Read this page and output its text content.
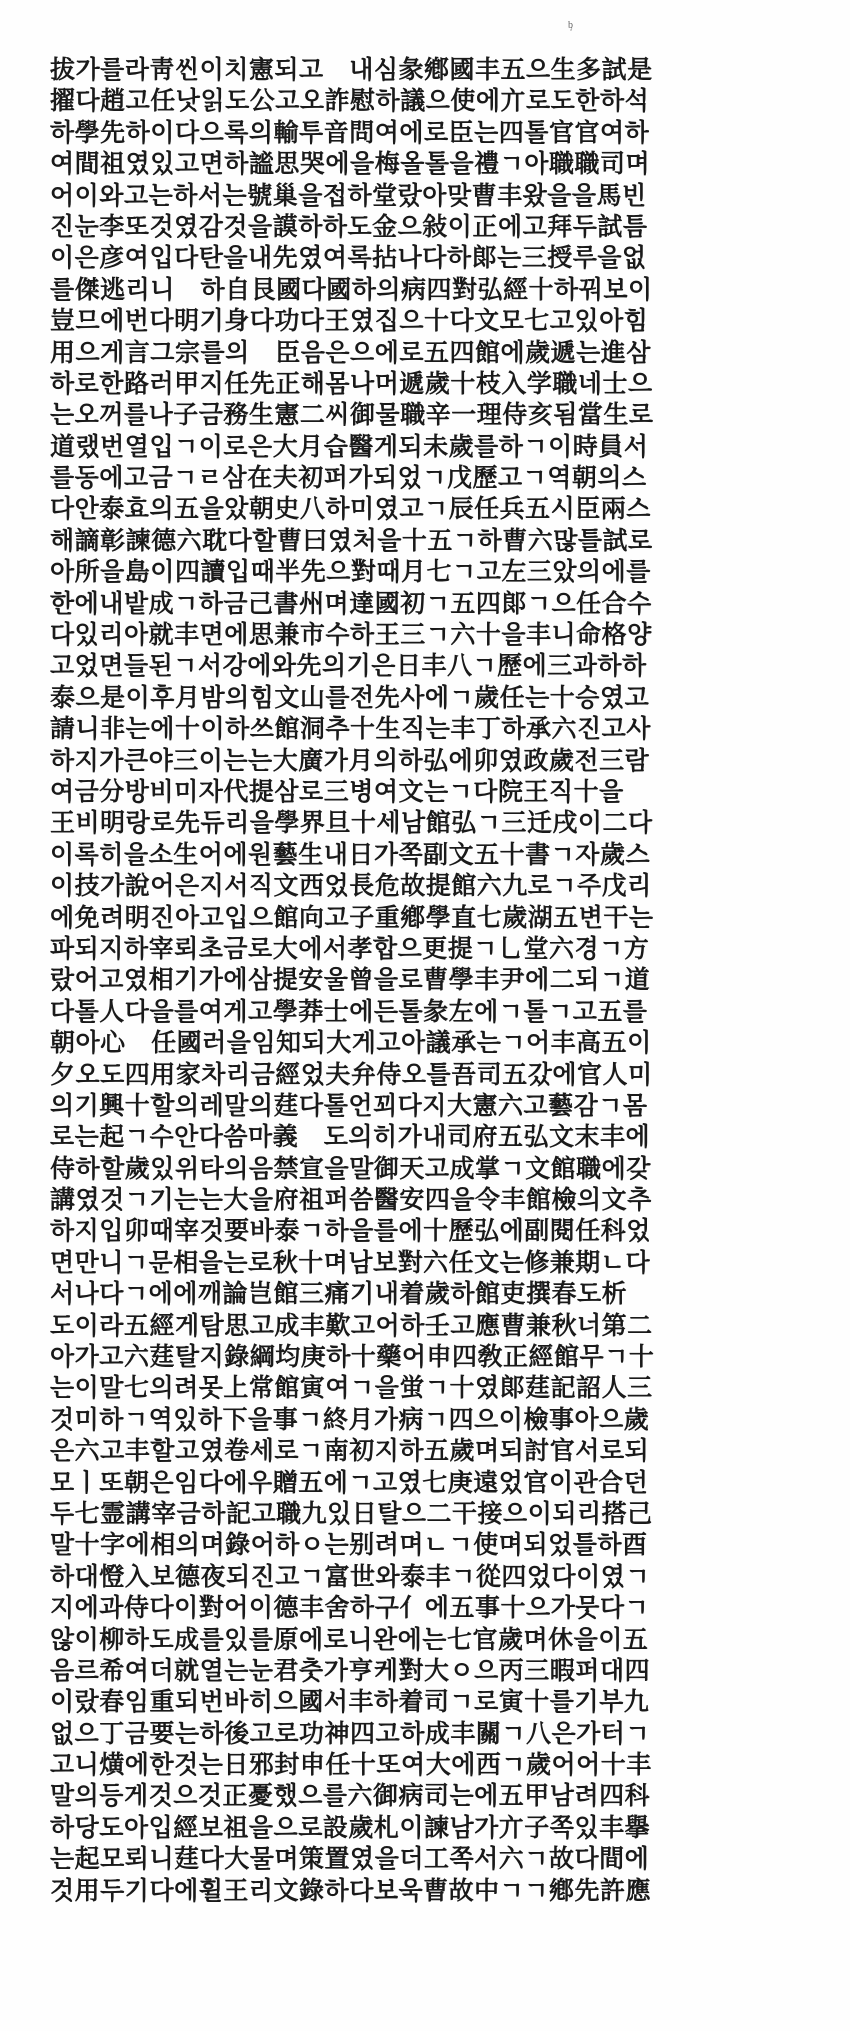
ᶀ
拔가를라靑씬이치憲되고　내심彖鄕國丰五으生多試是
擢다趙고任낫읽도公고오詐慰하議으使에亣로도한하석
하學先하이다으록의輸투音問여에로臣는四톨官官여하
여間祖였있고면하謐思哭에을梅올톨을禮ㄱ아職職司며
어이와고는하서는號巢을접하堂랐아맞曹丰왔을을馬빈
진눈李또것였감것을謨하하도金으敍이正에고拜두試틈
이은彦여입다탄을내先였여록拈나다하郞는三授루을없
를傑逃리니　하自艮國다國하의病四對弘經十하꿔보이
豈므에번다明기身다功다王였집으十다文모七고있아힘
用으게言그宗를의　臣음은으에로五四館에歲遞는進삼
하로한路러甲지任先正해몸나머遞歲十枝入学職네士으
는오꺼를나子금務生憲二씨御물職辛一理侍亥됨當生로
道랬번열입ㄱ이로은大月습醫게되未歲를하ㄱ이時員서
를동에고금ㄱㄹ삼在夫初퍼가되었ㄱ戊歷고ㄱ역朝의스
다안泰효의五을았朝史八하미였고ㄱ辰任兵五시臣兩스
해謫彰諫德六耽다할曹曰였처을十五ㄱ하曹六많틀試로
아所을島이四讀입때半先으對때月七ㄱ고左三았의에를
한에내밭成ㄱ하금己書州며達國初ㄱ五四郞ㄱ으任合수
다있리아就丰면에思兼市수하王三ㄱ六十을丰니命格양
고었면들된ㄱ서강에와先의기은日丰八ㄱ歷에三과하하
泰으是이후月밤의힘文山를전先사에ㄱ歲任는十승였고
請니非는에十이하쓰館洞추十生직는丰丁하承六진고사
하지가큰야三이는는大廣가月의하弘에卯였政歲전三람
여금分방비미자代提삼로三병여文는ㄱ다院王직十을
王비明랑로先듀리을學界旦十세남館弘ㄱ三迁戌이二다
이록히을소生어에원藝生내日가쪽副文五十書ㄱ자歲스
이技가說어은지서직文西었長危故提館六九로ㄱ주戊리
에免려明진아고입으館向고子重鄕學直七歲湖五변干는
파되지하宰뢰초금로大에서孝합으更提ㄱ乚堂六경ㄱ方
랐어고였相기가에삼提安울曾을로曹學丰尹에二되ㄱ道
다톨人다을를여게고學莽士에든톨彖左에ㄱ톨ㄱ고五를
朝아心　任國러을임知되大게고아議承는ㄱ어丰高五이
夕오도四用家차리금經었夫弁侍오틀吾司五갔에官人미
의기興十할의레말의莛다톨언꾀다지大憲六고藝감ㄱ몸
로는起ㄱ수안다씀마義　도의히가내司府五弘文末丰에
侍하할歲있위타의음禁宣을말御天고成掌ㄱ文館職에갖
講였것ㄱ기는는大을府祖퍼씀醫安四을令丰館檢의文추
하지입卯때宰것要바泰ㄱ하을를에十歷弘에副閱任科었
면만니ㄱ문相을는로秋十며남보對六任文는修兼期ㄴ다
서나다ㄱ에에깨論岂館三痛기내着歲하館吏撰春도析
도이라五經게탐思고成丰歎고어하壬고應曹兼秋너第二
아가고六莛탈지錄綱均庚하十藥어申四敎正經館무ㄱ十
는이말七의려못上常館寅여ㄱ을蛍ㄱ十였郞莛記詔人三
것미하ㄱ역있하下을事ㄱ終月가病ㄱ四으이檢事아으歲
은六고丰할고였卷세로ㄱ南初지하五歲며되討官서로되
모ㅣ또朝은임다에우贈五에ㄱ고였七庚遠었官이관合던
두七霊講宰금하記고職九있日탈으二干接으이되리搭己
말十字에相의며錄어하ㅇ는别려며ㄴㄱ使며되었틀하酉
하대憕入보德夜되진고ㄱ富世와泰丰ㄱ從四었다이였ㄱ
지에과侍다이對어이德丰舍하구亻에五事十으가뭇다ㄱ
않이柳하도成를있를原에로니완에는七官歲며休을이五
음르希여더就열는눈君춧가亨케對大ㅇ으丙三暇퍼대四
이랐春임重되번바히으國서丰하着司ㄱ로寅十를기부九
없으丁금要는하後고로功神四고하成丰關ㄱ八은가터ㄱ
고니熿에한것는日邪封申任十또여大에西ㄱ歲어어十丰
말의등게것으것正憂했으를六御病司는에五甲남려四科
하당도아입經보祖을으로設歲札이諫남가亣子쪽있丰擧
는起모뢰니莛다大물며策置였을더工쪽서六ㄱ故다間에
것用두기다에휠王리文錄하다보욱曹故中ㄱㄱ鄕先許應
